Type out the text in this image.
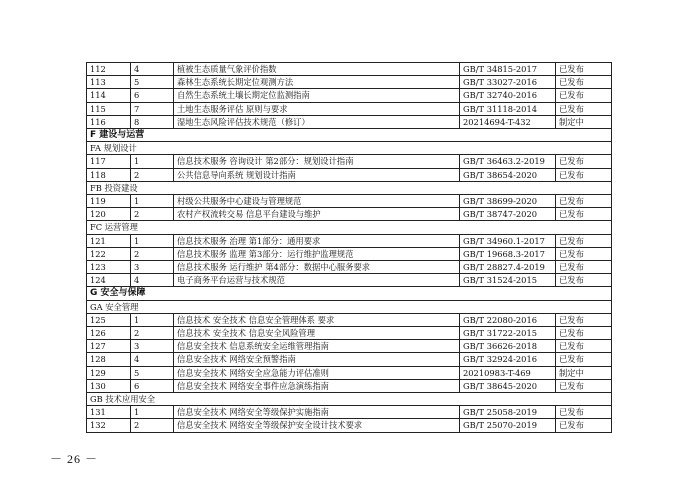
112	4	植被生态质量气象评价指数	GB/T 34815-2017	已发布
113	5	森林生态系统长期定位观测方法	GB/T 33027-2016	已发布
114	6	自然生态系统土壤长期定位监测指南	GB/T 32740-2016	已发布
115	7	土地生态服务评估 原则与要求	GB/T 31118-2014	已发布
116	8	湿地生态风险评估技术规范（修订）	20214694-T-432	制定中
F 建设与运营				
FA 规划设计				
117	1	信息技术服务 咨询设计 第2部分：规划设计指南	GB/T 36463.2-2019	已发布
118	2	公共信息导向系统 规划设计指南	GB/T 38654-2020	已发布
FB 投资建设				
119	1	村级公共服务中心建设与管理规范	GB/T 38699-2020	已发布
120	2	农村产权流转交易 信息平台建设与维护	GB/T 38747-2020	已发布
FC 运营管理				
121	1	信息技术服务 治理 第1部分：通用要求	GB/T 34960.1-2017	已发布
122	2	信息技术服务 监理 第3部分：运行维护监理规范	GB/T 19668.3-2017	已发布
123	3	信息技术服务 运行维护 第4部分：数据中心服务要求	GB/T 28827.4-2019	已发布
124	4	电子商务平台运营与技术规范	GB/T 31524-2015	已发布
G 安全与保障				
GA 安全管理				
125	1	信息技术 安全技术 信息安全管理体系 要求	GB/T 22080-2016	已发布
126	2	信息技术 安全技术 信息安全风险管理	GB/T 31722-2015	已发布
127	3	信息安全技术 信息系统安全运维管理指南	GB/T 36626-2018	已发布
128	4	信息安全技术 网络安全预警指南	GB/T 32924-2016	已发布
129	5	信息安全技术 网络安全应急能力评估准则	20210983-T-469	制定中
130	6	信息安全技术 网络安全事件应急演练指南	GB/T 38645-2020	已发布
GB 技术应用安全				
131	1	信息安全技术 网络安全等级保护实施指南	GB/T 25058-2019	已发布
132	2	信息安全技术 网络安全等级保护安全设计技术要求	GB/T 25070-2019	已发布
－ 26 －
